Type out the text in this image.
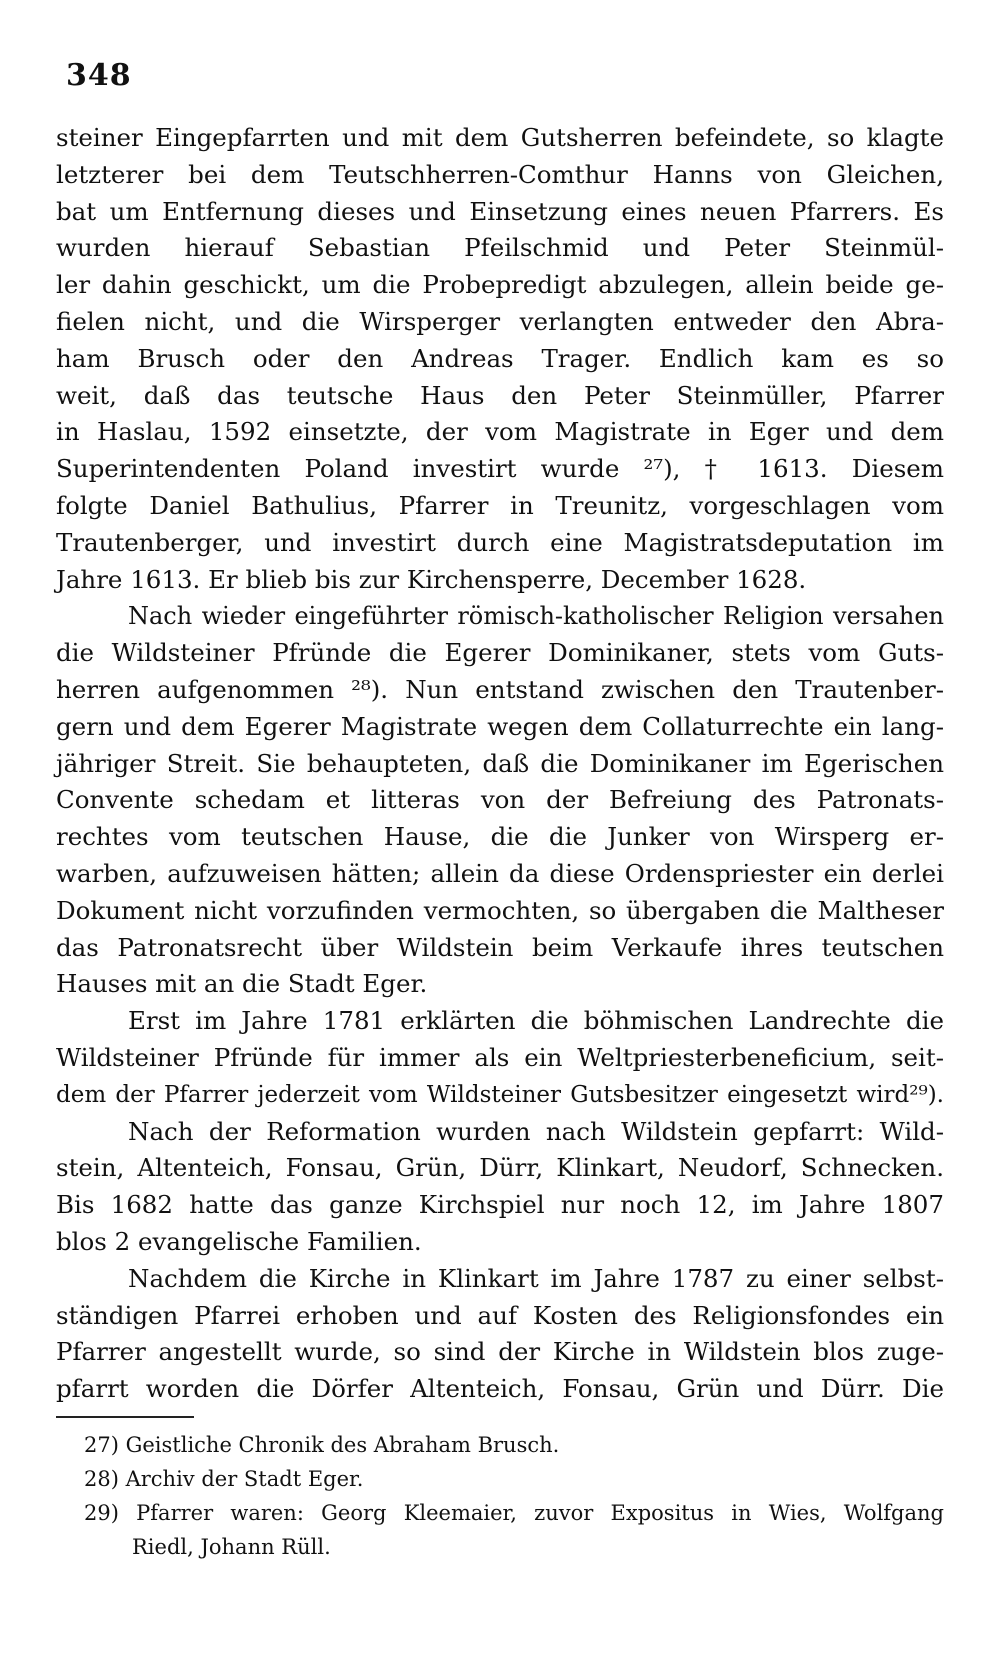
348
steiner Eingepfarrten und mit dem Gutsherren befeindete, so klagte
letzterer bei dem Teutschherren-Comthur Hanns von Gleichen,
bat um Entfernung dieses und Einsetzung eines neuen Pfarrers. Es
wurden hierauf Sebastian Pfeilschmid und Peter Steinmül-
ler dahin geschickt, um die Probepredigt abzulegen, allein beide ge-
fielen nicht, und die Wirsperger verlangten entweder den Abra-
ham Brusch oder den Andreas Trager. Endlich kam es so
weit, daß das teutsche Haus den Peter Steinmüller, Pfarrer
in Haslau, 1592 einsetzte, der vom Magistrate in Eger und dem
Superintendenten Poland investirt wurde ²⁷), † 1613. Diesem
folgte Daniel Bathulius, Pfarrer in Treunitz, vorgeschlagen vom
Trautenberger, und investirt durch eine Magistratsdeputation im
Jahre 1613. Er blieb bis zur Kirchensperre, December 1628.
Nach wieder eingeführter römisch-katholischer Religion versahen
die Wildsteiner Pfründe die Egerer Dominikaner, stets vom Guts-
herren aufgenommen ²⁸). Nun entstand zwischen den Trautenber-
gern und dem Egerer Magistrate wegen dem Collaturrechte ein lang-
jähriger Streit. Sie behaupteten, daß die Dominikaner im Egerischen
Convente schedam et litteras von der Befreiung des Patronats-
rechtes vom teutschen Hause, die die Junker von Wirsperg er-
warben, aufzuweisen hätten; allein da diese Ordenspriester ein derlei
Dokument nicht vorzufinden vermochten, so übergaben die Malthеser
das Patronatsrecht über Wildstein beim Verkaufe ihres teutschen
Hauses mit an die Stadt Eger.
Erst im Jahre 1781 erklärten die böhmischen Landrechte die
Wildsteiner Pfründe für immer als ein Weltpriesterbeneficium, seit-
dem der Pfarrer jederzeit vom Wildsteiner Gutsbesitzer eingesetzt wird²⁹).
Nach der Reformation wurden nach Wildstein gepfarrt: Wild-
stein, Altenteich, Fonsau, Grün, Dürr, Klinkart, Neudorf, Schnecken.
Bis 1682 hatte das ganze Kirchspiel nur noch 12, im Jahre 1807
blos 2 evangelische Familien.
Nachdem die Kirche in Klinkart im Jahre 1787 zu einer selbst-
ständigen Pfarrei erhoben und auf Kosten des Religionsfondes ein
Pfarrer angestellt wurde, so sind der Kirche in Wildstein blos zuge-
pfarrt worden die Dörfer Altenteich, Fonsau, Grün und Dürr. Die
27) Geistliche Chronik des Abraham Brusch.
28) Archiv der Stadt Eger.
29) Pfarrer waren: Georg Kleemaier, zuvor Expositus in Wies, Wolfgang
Riedl, Johann Rüll.
